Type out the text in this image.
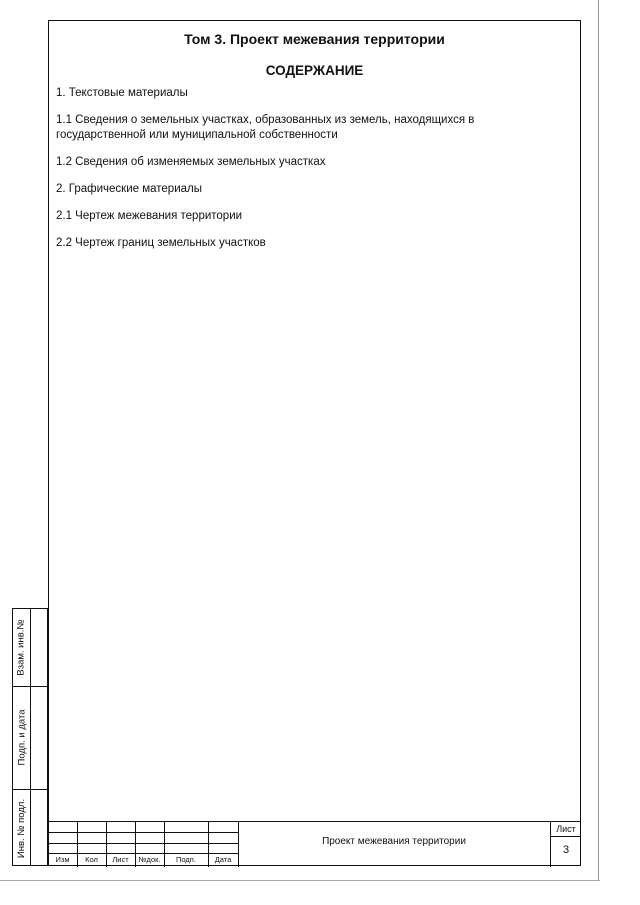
Том 3. Проект межевания территории
СОДЕРЖАНИЕ
1. Текстовые материалы
1.1 Сведения о земельных участках, образованных из земель, находящихся в
государственной или муниципальной собственности
1.2 Сведения об изменяемых земельных участках
2. Графические материалы
2.1 Чертеж межевания территории
2.2 Чертеж границ земельных участков
Взам. инв.№
Подп. и дата
Инв. № подл.
Изм	Кол	Лист	№док.	Подп.	Дата
Проект межевания территории
Лист
3
